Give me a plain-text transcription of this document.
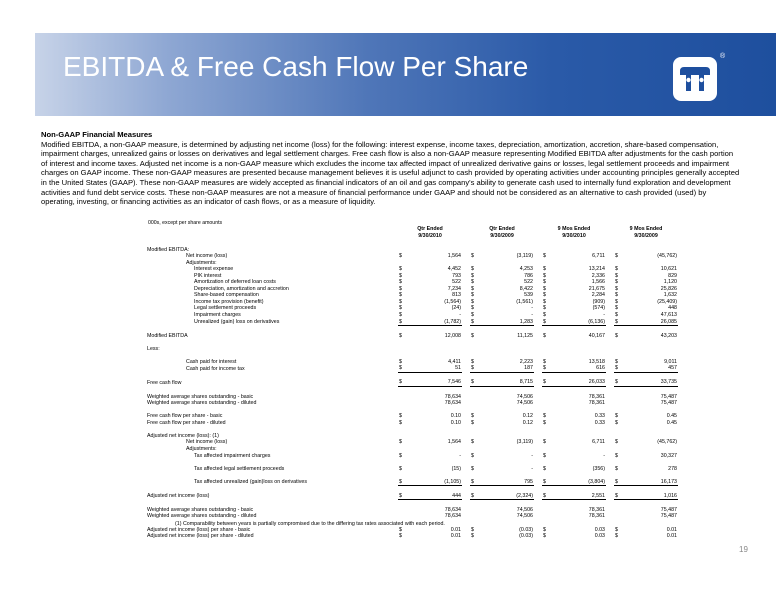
EBITDA & Free Cash Flow Per Share	®
Non-GAAP Financial Measures
Modified EBITDA, a non-GAAP measure, is determined by adjusting net income (loss) for the following: interest expense, income taxes, depreciation, amortization, accretion, share-based compensation, impairment charges, unrealized gains or losses on derivatives and legal settlement charges. Free cash flow is also a non-GAAP measure representing Modified EBITDA after adjustments for the cash portion of interest and income taxes. Adjusted net income is a non-GAAP measure which excludes the income tax affected impact of unrealized derivative gains or losses, legal settlement proceeds and impairment charges on GAAP income. These non-GAAP measures are presented because management believes it is useful adjunct to cash provided by operating activities under accounting principles generally accepted in the United States (GAAP). These non-GAAP measures are widely accepted as financial indicators of an oil and gas company's ability to generate cash used to internally fund exploration and development activities and fund debt service costs. These non-GAAP measures are not a measure of financial performance under GAAP and should not be considered as an alternative to cash provided (used) by operating, investing, or financing activities as an indicator of cash flows, or as a measure of liquidity.
000s, except per share amounts
	Qtr Ended			Qtr Ended			9 Mos Ended			9 Mos Ended	
	9/30/2010			9/30/2009			9/30/2010			9/30/2009	

Modified EBITDA:											
Net income (loss)	$	1,564		$	(3,119)		$	6,711		$	(45,762)
Adjustments:											
Interest expense	$	4,452		$	4,253		$	13,214		$	10,621
PIK interest	$	793		$	786		$	2,336		$	829
Amortization of deferred loan costs	$	522		$	522		$	1,566		$	1,120
Depreciation, amortization and accretion	$	7,234		$	8,422		$	21,675		$	25,826
Share-based compensation	$	813		$	539		$	2,284		$	1,632
Income tax provision (benefit)	$	(1,564)		$	(1,561)		$	(909)		$	(25,409)
Legal settlement proceeds	$	(24)		$	-		$	(574)		$	448
Impairment charges	$	-		$	-		$	-		$	47,613
Unrealized (gain) loss on derivatives	$	(1,782)		$	1,283		$	(6,136)		$	26,085

Modified EBITDA	$	12,008		$	11,125		$	40,167		$	43,203

Less:											

Cash paid for interest	$	4,411		$	2,223		$	13,518		$	9,011
Cash paid for income tax	$	51		$	187		$	616		$	457

Free cash flow	$	7,546		$	8,715		$	26,033		$	33,735

Weighted average shares outstanding - basic		78,634			74,506			78,361			75,487
Weighted average shares outstanding - diluted		78,634			74,506			78,361			75,487

Free cash flow per share - basic	$	0.10		$	0.12		$	0.33		$	0.45
Free cash flow per share - diluted	$	0.10		$	0.12		$	0.33		$	0.45

Adjusted net income (loss): (1)											
Net income (loss)	$	1,564		$	(3,119)		$	6,711		$	(45,762)
Adjustments:											
Tax affected impairment charges	$	-		$	-		$	-		$	30,327

Tax affected legal settlement proceeds	$	(15)		$	-		$	(356)		$	278

Tax affected unrealized (gain)loss on derivatives	$	(1,105)		$	795		$	(3,804)		$	16,173

Adjusted net income (loss)	$	444		$	(2,324)		$	2,551		$	1,016

Weighted average shares outstanding - basic		78,634			74,506			78,361			75,487
Weighted average shares outstanding - diluted		78,634			74,506			78,361			75,487

Adjusted net income (loss) per share - basic	$	0.01		$	(0.03)		$	0.03		$	0.01
Adjusted net income (loss) per share - diluted	$	0.01		$	(0.03)		$	0.03		$	0.01
(1) Comparability between years is partially compromised due to the differing tax rates associated with each period.
19
